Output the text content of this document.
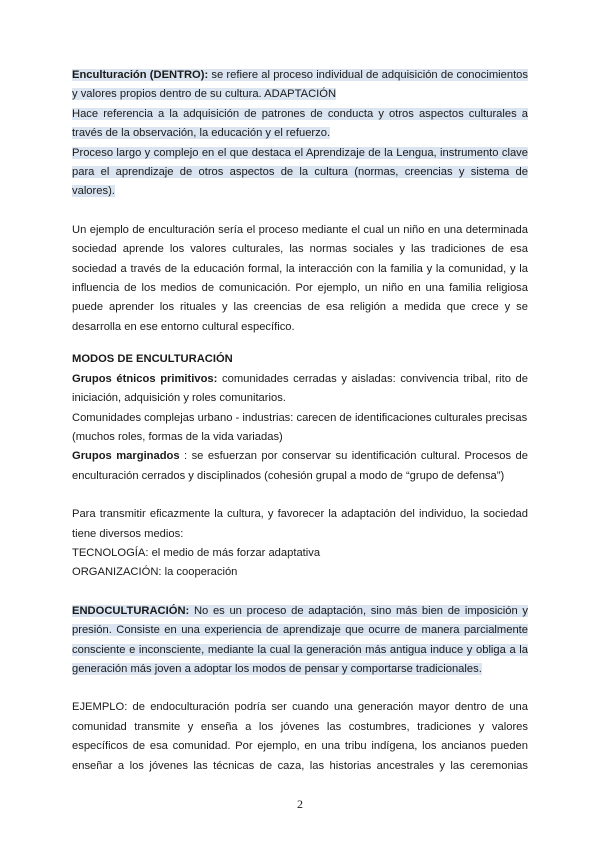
Enculturación (DENTRO): se refiere al proceso individual de adquisición de conocimientos
y valores propios dentro de su cultura. ADAPTACIÓN
Hace referencia a la adquisición de patrones de conducta y otros aspectos culturales a
través de la observación, la educación y el refuerzo.
Proceso largo y complejo en el que destaca el Aprendizaje de la Lengua, instrumento clave
para el aprendizaje de otros aspectos de la cultura (normas, creencias y sistema de
valores).
Un ejemplo de enculturación sería el proceso mediante el cual un niño en una determinada
sociedad aprende los valores culturales, las normas sociales y las tradiciones de esa
sociedad a través de la educación formal, la interacción con la familia y la comunidad, y la
influencia de los medios de comunicación. Por ejemplo, un niño en una familia religiosa
puede aprender los rituales y las creencias de esa religión a medida que crece y se
desarrolla en ese entorno cultural específico.
MODOS DE ENCULTURACIÓN
Grupos étnicos primitivos: comunidades cerradas y aisladas: convivencia tribal, rito de
iniciación, adquisición y roles comunitarios.
Comunidades complejas urbano - industrias: carecen de identificaciones culturales precisas
(muchos roles, formas de la vida variadas)
Grupos marginados : se esfuerzan por conservar su identificación cultural. Procesos de
enculturación cerrados y disciplinados (cohesión grupal a modo de “grupo de defensa”)
Para transmitir eficazmente la cultura, y favorecer la adaptación del individuo, la sociedad
tiene diversos medios:
TECNOLOGÍA: el medio de más forzar adaptativa
ORGANIZACIÓN: la cooperación
ENDOCULTURACIÓN: No es un proceso de adaptación, sino más bien de imposición y
presión. Consiste en una experiencia de aprendizaje que ocurre de manera parcialmente
consciente e inconsciente, mediante la cual la generación más antigua induce y obliga a la
generación más joven a adoptar los modos de pensar y comportarse tradicionales.
EJEMPLO: de endoculturación podría ser cuando una generación mayor dentro de una
comunidad transmite y enseña a los jóvenes las costumbres, tradiciones y valores
específicos de esa comunidad. Por ejemplo, en una tribu indígena, los ancianos pueden
enseñar a los jóvenes las técnicas de caza, las historias ancestrales y las ceremonias
2
